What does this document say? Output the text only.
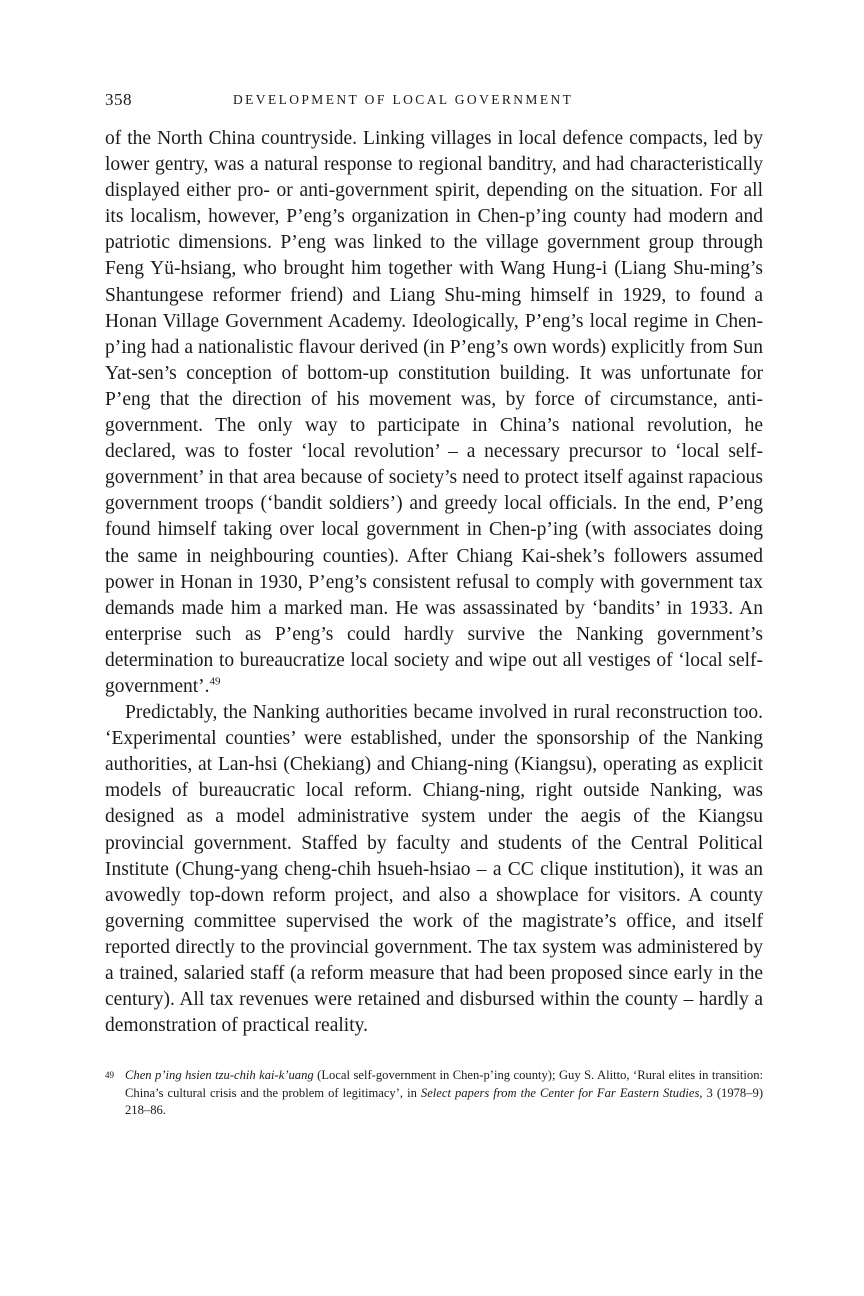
358	DEVELOPMENT OF LOCAL GOVERNMENT

of the North China countryside. Linking villages in local defence compacts, led by lower gentry, was a natural response to regional banditry, and had characteristically displayed either pro- or anti-government spirit, depending on the situation. For all its localism, however, P’eng’s organization in Chen-p’ing county had modern and patriotic dimensions. P’eng was linked to the village government group through Feng Yü-hsiang, who brought him together with Wang Hung-i (Liang Shu-ming’s Shantungese reformer friend) and Liang Shu-ming himself in 1929, to found a Honan Village Government Academy. Ideologically, P’eng’s local regime in Chen-p’ing had a nationalistic flavour derived (in P’eng’s own words) explicitly from Sun Yat-sen’s conception of bottom-up constitution building. It was unfortunate for P’eng that the direction of his movement was, by force of circumstance, anti-government. The only way to participate in China’s national revolution, he declared, was to foster ‘local revolution’ – a necessary precursor to ‘local self-government’ in that area because of society’s need to protect itself against rapacious government troops (‘bandit soldiers’) and greedy local officials. In the end, P’eng found himself taking over local government in Chen-p’ing (with associates doing the same in neighbouring counties). After Chiang Kai-shek’s followers assumed power in Honan in 1930, P’eng’s consistent refusal to comply with government tax demands made him a marked man. He was assassinated by ‘bandits’ in 1933. An enterprise such as P’eng’s could hardly survive the Nanking government’s determination to bureaucratize local society and wipe out all vestiges of ‘local self-government’.$^{49}$

Predictably, the Nanking authorities became involved in rural reconstruction too. ‘Experimental counties’ were established, under the sponsorship of the Nanking authorities, at Lan-hsi (Chekiang) and Chiang-ning (Kiangsu), operating as explicit models of bureaucratic local reform. Chiang-ning, right outside Nanking, was designed as a model administrative system under the aegis of the Kiangsu provincial government. Staffed by faculty and students of the Central Political Institute (Chung-yang cheng-chih hsueh-hsiao – a CC clique institution), it was an avowedly top-down reform project, and also a showplace for visitors. A county governing committee supervised the work of the magistrate’s office, and itself reported directly to the provincial government. The tax system was administered by a trained, salaried staff (a reform measure that had been proposed since early in the century). All tax revenues were retained and disbursed within the county – hardly a demonstration of practical reality.

49 Chen p’ing hsien tzu-chih kai-k’uang (Local self-government in Chen-p’ing county); Guy S. Alitto, ‘Rural elites in transition: China’s cultural crisis and the problem of legitimacy’, in Select papers from the Center for Far Eastern Studies, 3 (1978–9) 218–86.
